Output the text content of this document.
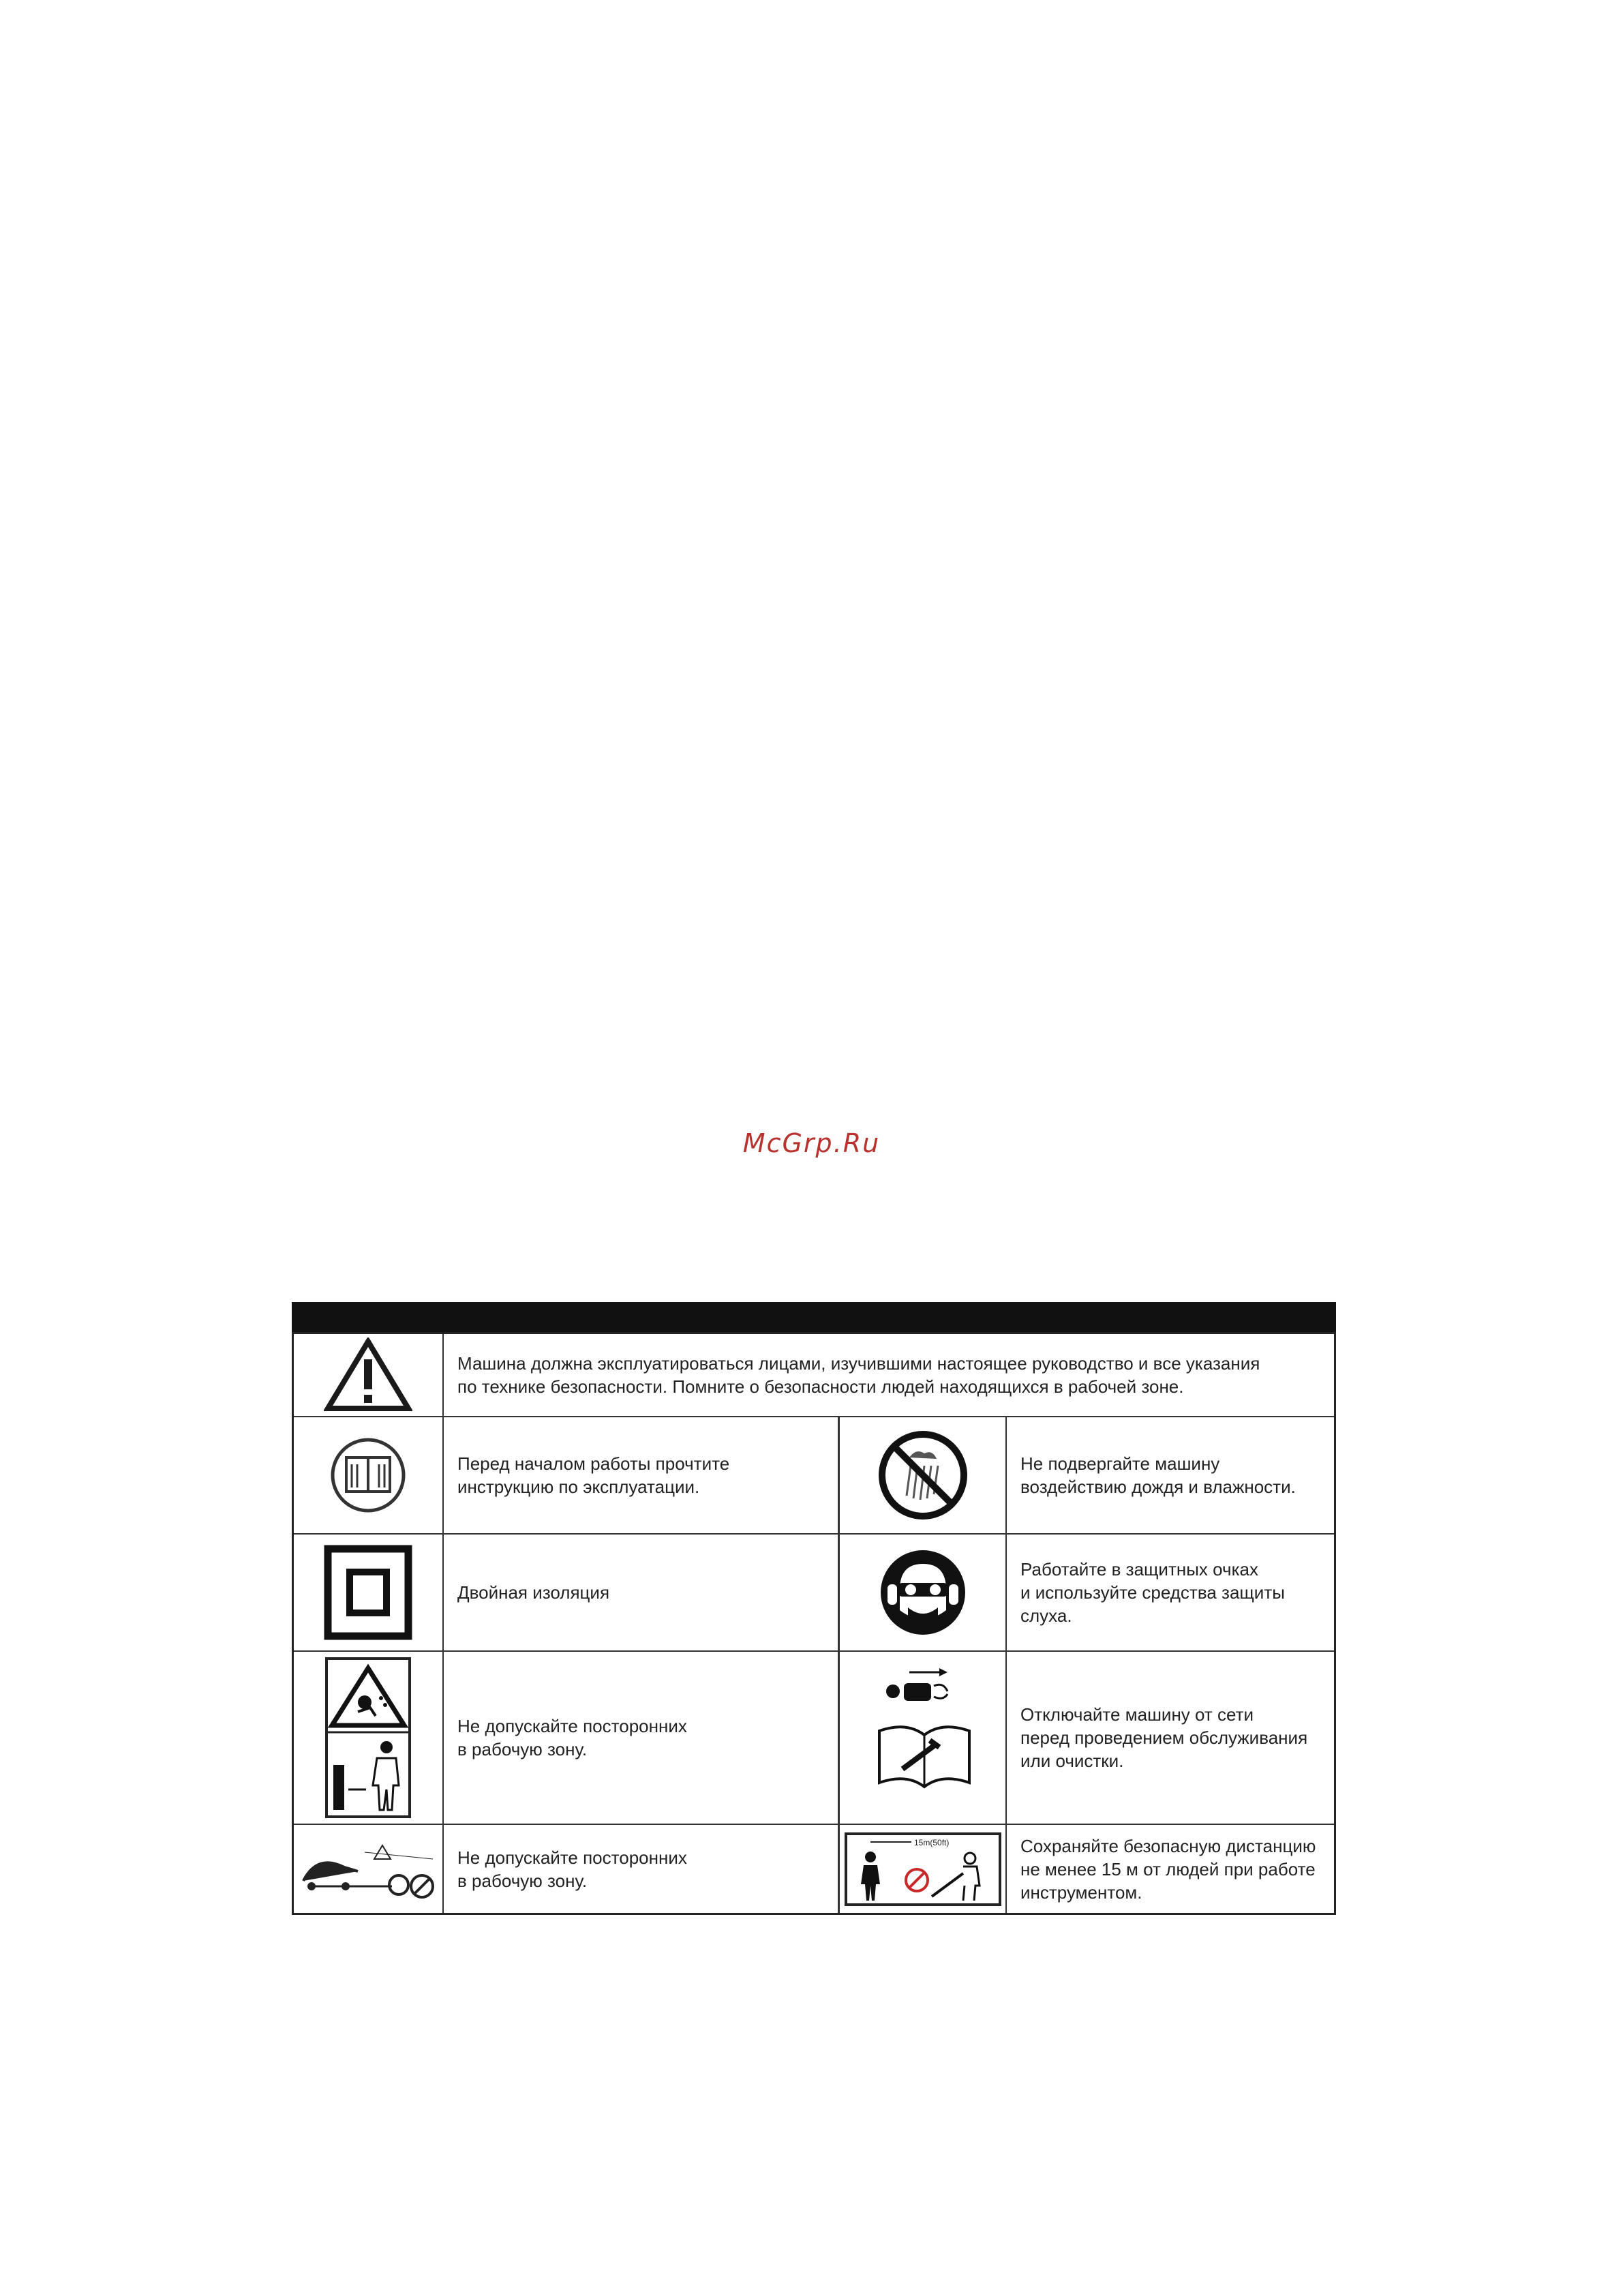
McGrp.Ru
Машина должна эксплуатироваться лицами, изучившими настоящее руководство и все указания
по технике безопасности. Помните о безопасности людей находящихся в рабочей зоне.
Перед началом работы прочтите
инструкцию по эксплуатации.
Не подвергайте машину
воздействию дождя и влажности.
Двойная изоляция
Работайте в защитных очках
и используйте средства защиты
слуха.
Не допускайте посторонних
в рабочую зону.
Отключайте машину от сети
перед проведением обслуживания
или очистки.
Не допускайте посторонних
в рабочую зону.
15m(50ft)	Сохраняйте безопасную дистанцию
не менее 15 м от людей при работе
инструментом.
